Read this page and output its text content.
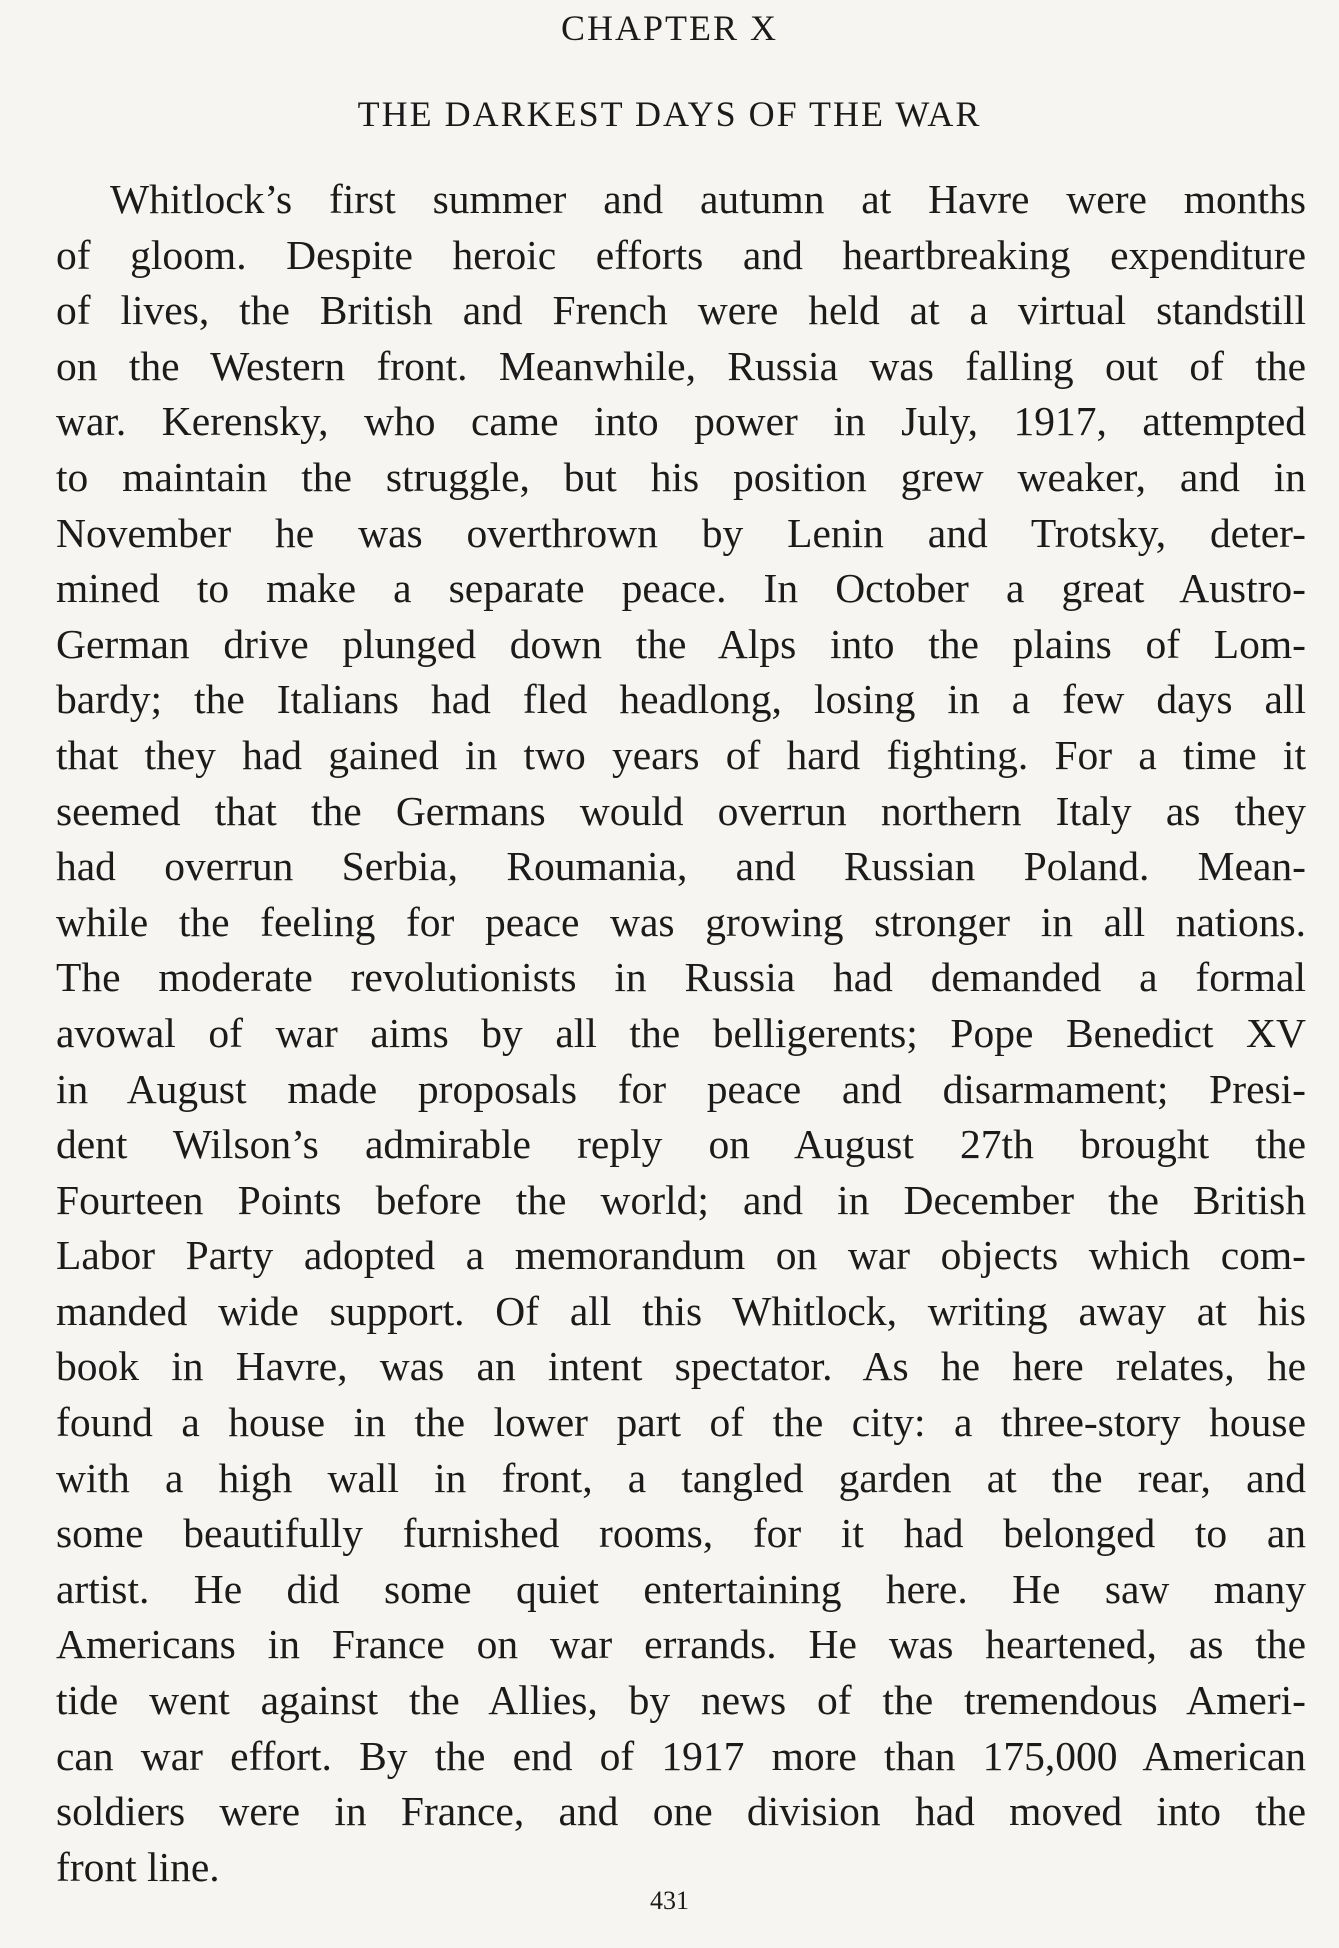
CHAPTER X
THE DARKEST DAYS OF THE WAR
Whitlock’s first summer and autumn at Havre were months
of gloom. Despite heroic efforts and heartbreaking expenditure
of lives, the British and French were held at a virtual standstill
on the Western front. Meanwhile, Russia was falling out of the
war. Kerensky, who came into power in July, 1917, attempted
to maintain the struggle, but his position grew weaker, and in
November he was overthrown by Lenin and Trotsky, deter-
mined to make a separate peace. In October a great Austro-
German drive plunged down the Alps into the plains of Lom-
bardy; the Italians had fled headlong, losing in a few days all
that they had gained in two years of hard fighting. For a time it
seemed that the Germans would overrun northern Italy as they
had overrun Serbia, Roumania, and Russian Poland. Mean-
while the feeling for peace was growing stronger in all nations.
The moderate revolutionists in Russia had demanded a formal
avowal of war aims by all the belligerents; Pope Benedict XV
in August made proposals for peace and disarmament; Presi-
dent Wilson’s admirable reply on August 27th brought the
Fourteen Points before the world; and in December the British
Labor Party adopted a memorandum on war objects which com-
manded wide support. Of all this Whitlock, writing away at his
book in Havre, was an intent spectator. As he here relates, he
found a house in the lower part of the city: a three-story house
with a high wall in front, a tangled garden at the rear, and
some beautifully furnished rooms, for it had belonged to an
artist. He did some quiet entertaining here. He saw many
Americans in France on war errands. He was heartened, as the
tide went against the Allies, by news of the tremendous Ameri-
can war effort. By the end of 1917 more than 175,000 American
soldiers were in France, and one division had moved into the
front line.
431
